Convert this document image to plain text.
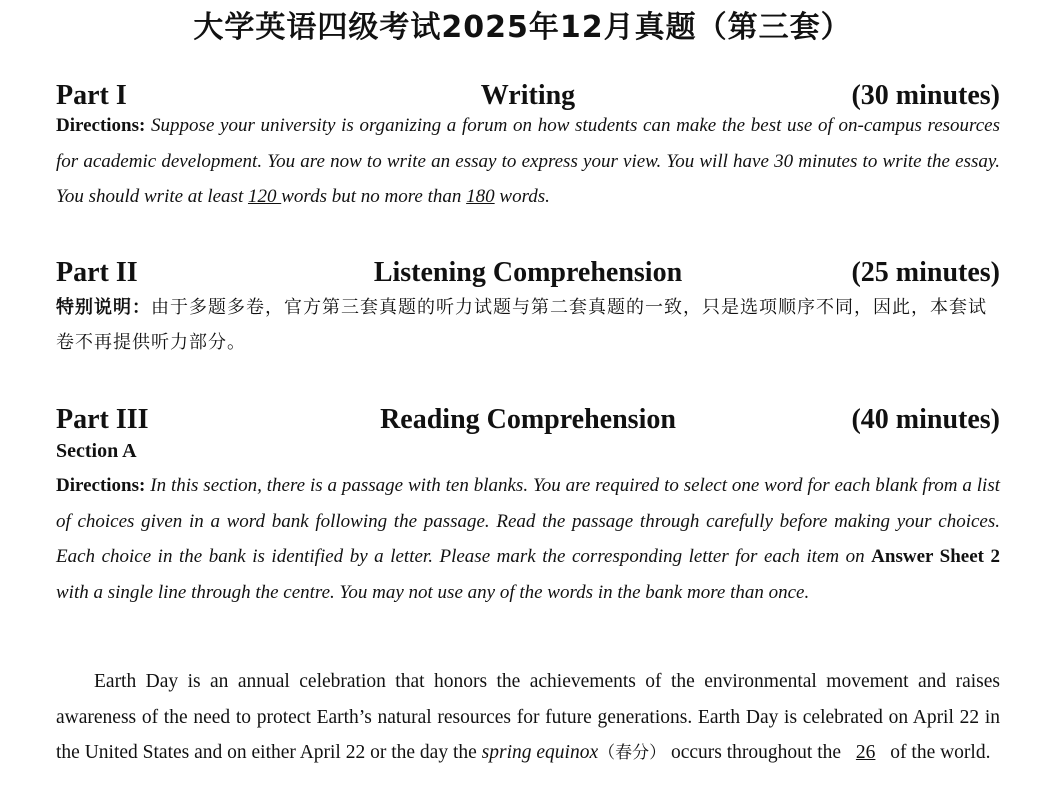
大学英语四级考试2025年12月真题（第三套）
Part I	Writing	(30 minutes)
Directions: Suppose your university is organizing a forum on how students can make the best use of on-campus resources for academic development. You are now to write an essay to express your view. You will have 30 minutes to write the essay. You should write at least 120 words but no more than 180 words.
Part II	Listening Comprehension	(25 minutes)
特别说明：由于多题多卷，官方第三套真题的听力试题与第二套真题的一致，只是选项顺序不同，因此，本套试卷不再提供听力部分。
Part III	Reading Comprehension	(40 minutes)
Section A
Directions: In this section, there is a passage with ten blanks. You are required to select one word for each blank from a list of choices given in a word bank following the passage. Read the passage through carefully before making your choices. Each choice in the bank is identified by a letter. Please mark the corresponding letter for each item on Answer Sheet 2 with a single line through the centre. You may not use any of the words in the bank more than once.
Earth Day is an annual celebration that honors the achievements of the environmental movement and raises awareness of the need to protect Earth’s natural resources for future generations. Earth Day is celebrated on April 22 in the United States and on either April 22 or the day the spring equinox（春分） occurs throughout the 26 of the world.
